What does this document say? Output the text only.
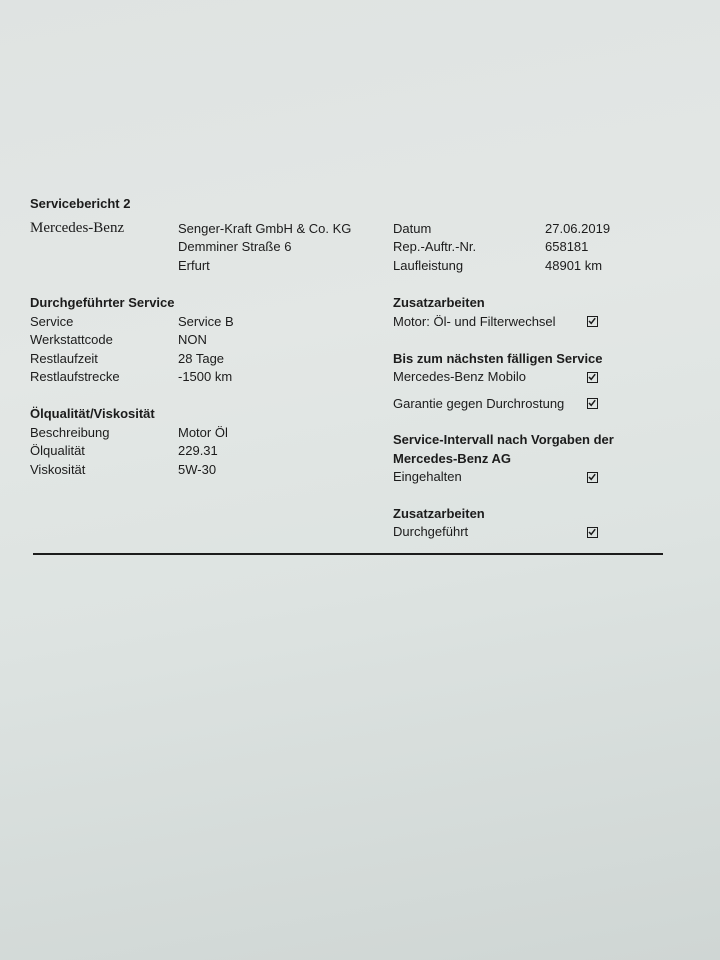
Servicebericht 2
Mercedes-Benz	Senger-Kraft GmbH & Co. KG
Demminer Straße 6
Erfurt
Datum	27.06.2019
Rep.-Auftr.-Nr.	658181
Laufleistung	48901 km
Durchgeführter Service
Service	Service B
Werkstattcode	NON
Restlaufzeit	28 Tage
Restlaufstrecke	-1500 km
Ölqualität/Viskosität
Beschreibung	Motor Öl
Ölqualität	229.31
Viskosität	5W-30
Zusatzarbeiten
Motor: Öl- und Filterwechsel
Bis zum nächsten fälligen Service
Mercedes-Benz Mobilo
Garantie gegen Durchrostung
Service-Intervall nach Vorgaben der
Mercedes-Benz AG
Eingehalten
Zusatzarbeiten
Durchgeführt
